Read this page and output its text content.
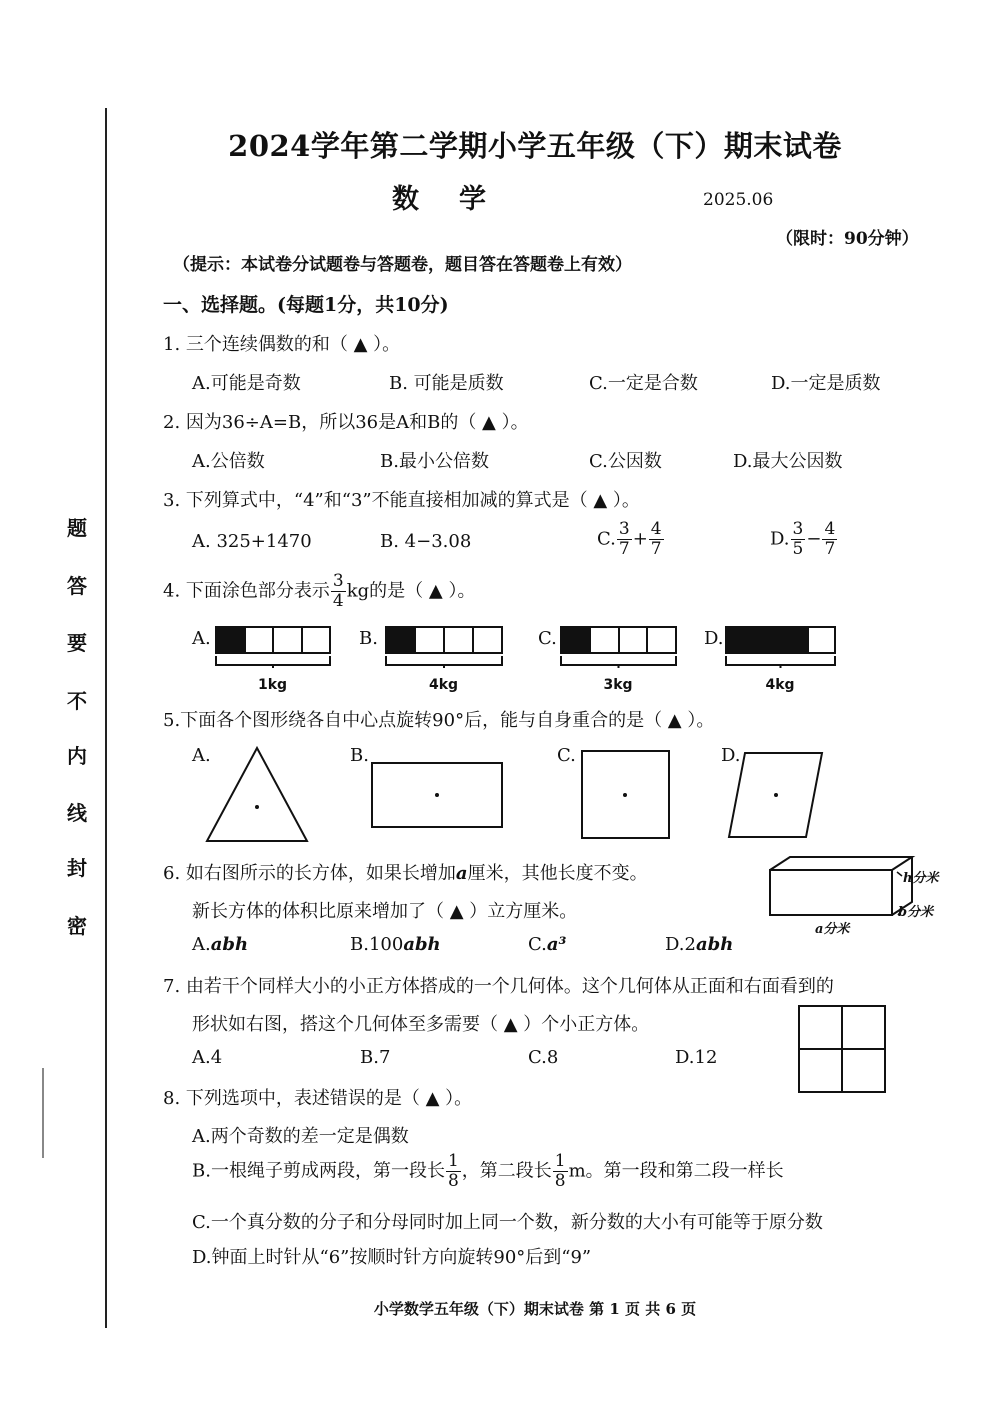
密
封
线
内
不
要
答
题
2024学年第二学期小学五年级（下）期末试卷
数学	2025.06
（限时：90分钟）
（提示：本试卷分试题卷与答题卷，题目答在答题卷上有效）
一、选择题。(每题1分，共10分)
1. 三个连续偶数的和（ ▲ ）。
A.可能是奇数	B. 可能是质数	C.一定是合数	D.一定是质数
2. 因为36÷A=B，所以36是A和B的（ ▲ ）。
A.公倍数	B.最小公倍数	C.公因数	D.最大公因数
3. 下列算式中，“4”和“3”不能直接相加减的算式是（ ▲ ）。
A. 325+1470	B. 4−3.08	C. $\frac{3}{7} + \frac{4}{7}$	D. $\frac{3}{5} - \frac{4}{7}$
4. 下面涂色部分表示 $\frac{3}{4}$ kg的是（ ▲ ）。
A.
1kg
B.
4kg
C.
3kg
D.
4kg
5.下面各个图形绕各自中心点旋转90°后，能与自身重合的是（ ▲ ）。
A.	B.	C.	D.
6. 如右图所示的长方体，如果长增加a厘米，其他长度不变。
新长方体的体积比原来增加了（ ▲ ）立方厘米。
A.abh	B.100abh	C.a³	D.2abh
h分米
b分米
a分米
7. 由若干个同样大小的小正方体搭成的一个几何体。这个几何体从正面和右面看到的
形状如右图，搭这个几何体至多需要（ ▲ ）个小正方体。
A.4	B.7	C.8	D.12
8. 下列选项中，表述错误的是（ ▲ ）。
A.两个奇数的差一定是偶数
B.一根绳子剪成两段，第一段长 $\frac{1}{8}$ ，第二段长 $\frac{1}{8}$ m。第一段和第二段一样长
C.一个真分数的分子和分母同时加上同一个数，新分数的大小有可能等于原分数
D.钟面上时针从“6”按顺时针方向旋转90°后到“9”
小学数学五年级（下）期末试卷 第 1 页 共 6 页
